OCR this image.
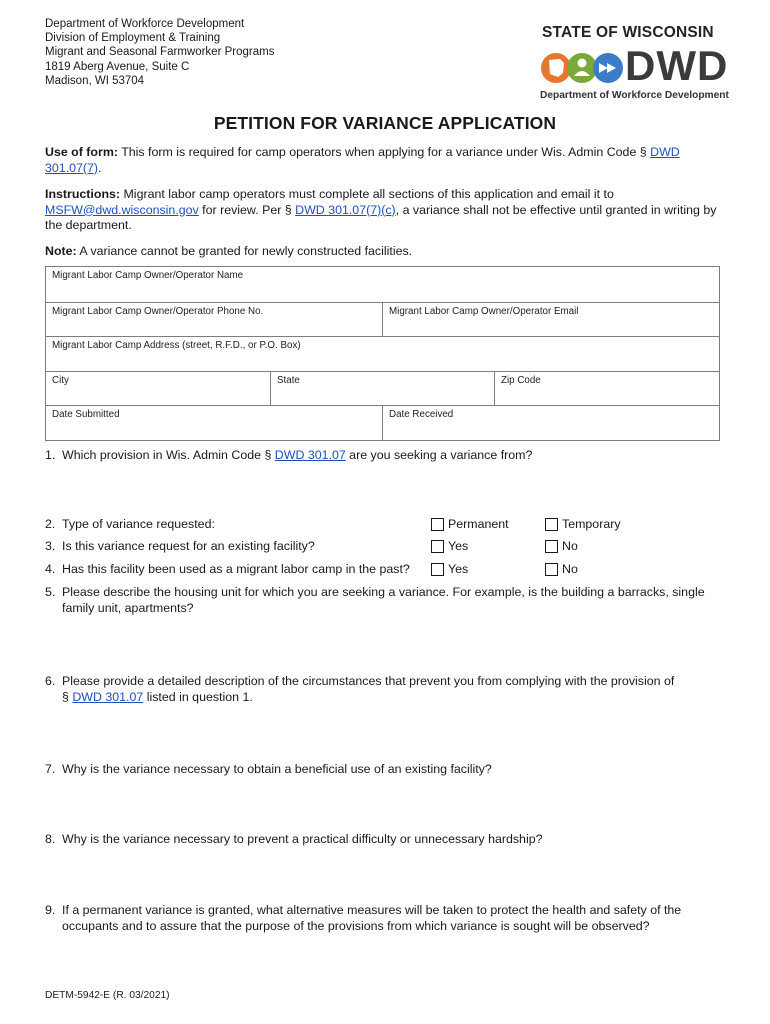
Department of Workforce Development
Division of Employment & Training
Migrant and Seasonal Farmworker Programs
1819 Aberg Avenue, Suite C
Madison, WI 53704
STATE OF WISCONSIN
DWD
Department of Workforce Development
PETITION FOR VARIANCE APPLICATION
Use of form: This form is required for camp operators when applying for a variance under Wis. Admin Code § DWD 301.07(7).
Instructions: Migrant labor camp operators must complete all sections of this application and email it to MSFW@dwd.wisconsin.gov for review. Per § DWD 301.07(7)(c), a variance shall not be effective until granted in writing by the department.
Note: A variance cannot be granted for newly constructed facilities.
Migrant Labor Camp Owner/Operator Name
Migrant Labor Camp Owner/Operator Phone No.	Migrant Labor Camp Owner/Operator Email
Migrant Labor Camp Address (street, R.F.D., or P.O. Box)
City	State	Zip Code
Date Submitted	Date Received
1. Which provision in Wis. Admin Code § DWD 301.07 are you seeking a variance from?
2. Type of variance requested:	Permanent	Temporary
3. Is this variance request for an existing facility?	Yes	No
4. Has this facility been used as a migrant labor camp in the past?	Yes	No
5. Please describe the housing unit for which you are seeking a variance. For example, is the building a barracks, single
family unit, apartments?
6. Please provide a detailed description of the circumstances that prevent you from complying with the provision of
§ DWD 301.07 listed in question 1.
7. Why is the variance necessary to obtain a beneficial use of an existing facility?
8. Why is the variance necessary to prevent a practical difficulty or unnecessary hardship?
9. If a permanent variance is granted, what alternative measures will be taken to protect the health and safety of the
occupants and to assure that the purpose of the provisions from which variance is sought will be observed?
DETM-5942-E (R. 03/2021)
